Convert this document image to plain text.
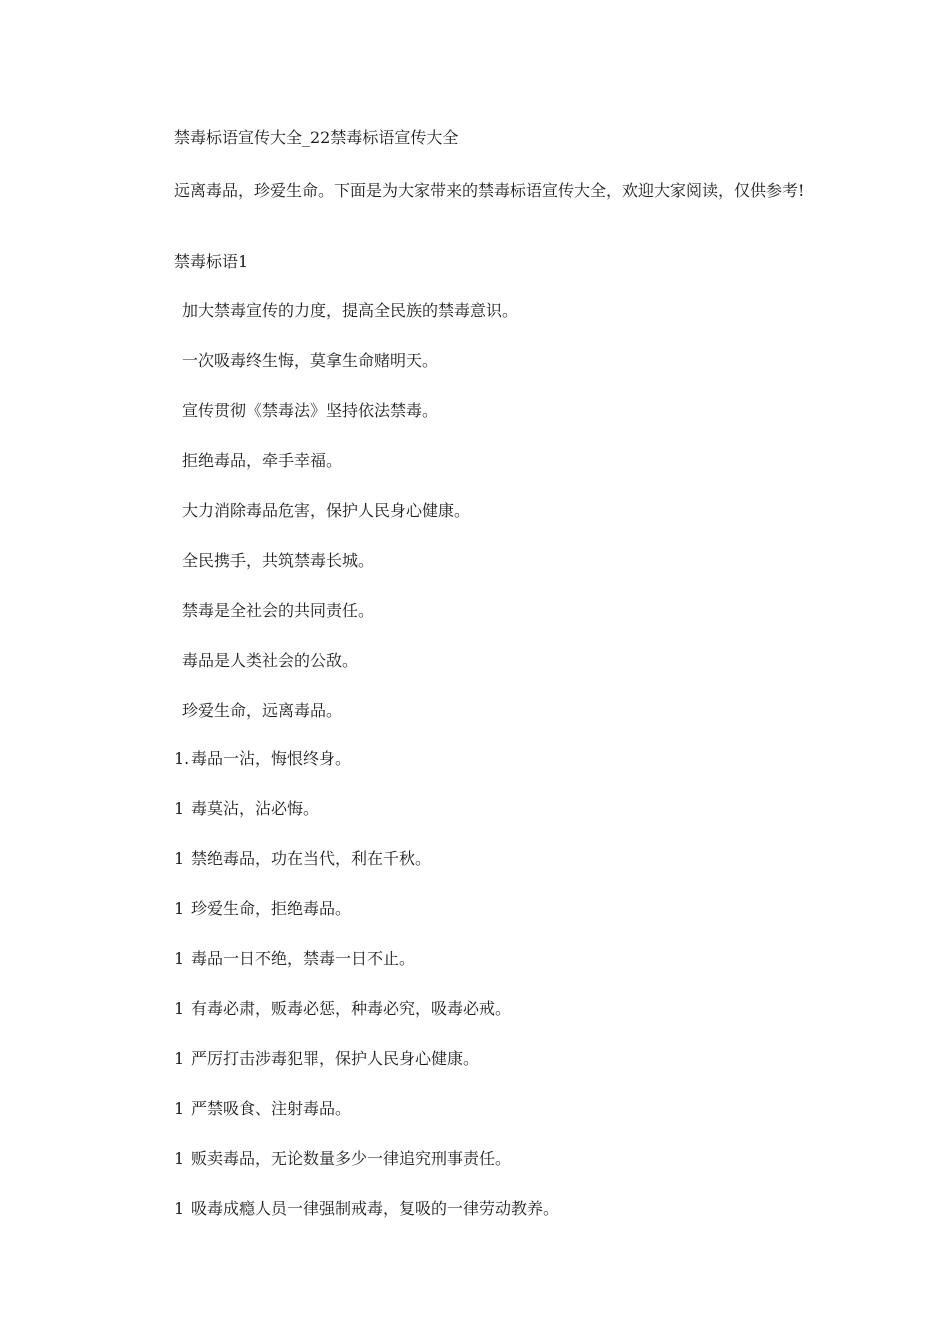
禁毒标语宣传大全_22禁毒标语宣传大全

远离毒品，珍爱生命。下面是为大家带来的禁毒标语宣传大全，欢迎大家阅读，仅供参考!

禁毒标语1
加大禁毒宣传的力度，提高全民族的禁毒意识。
一次吸毒终生悔，莫拿生命赌明天。
宣传贯彻《禁毒法》坚持依法禁毒。
拒绝毒品，牵手幸福。
大力消除毒品危害，保护人民身心健康。
全民携手，共筑禁毒长城。
禁毒是全社会的共同责任。
毒品是人类社会的公敌。
珍爱生命，远离毒品。
1. 毒品一沾，悔恨终身。
1 毒莫沾，沾必悔。
1 禁绝毒品，功在当代，利在千秋。
1 珍爱生命，拒绝毒品。
1 毒品一日不绝，禁毒一日不止。
1 有毒必肃，贩毒必惩，种毒必究，吸毒必戒。
1 严厉打击涉毒犯罪，保护人民身心健康。
1 严禁吸食、注射毒品。
1 贩卖毒品，无论数量多少一律追究刑事责任。
1 吸毒成瘾人员一律强制戒毒，复吸的一律劳动教养。
